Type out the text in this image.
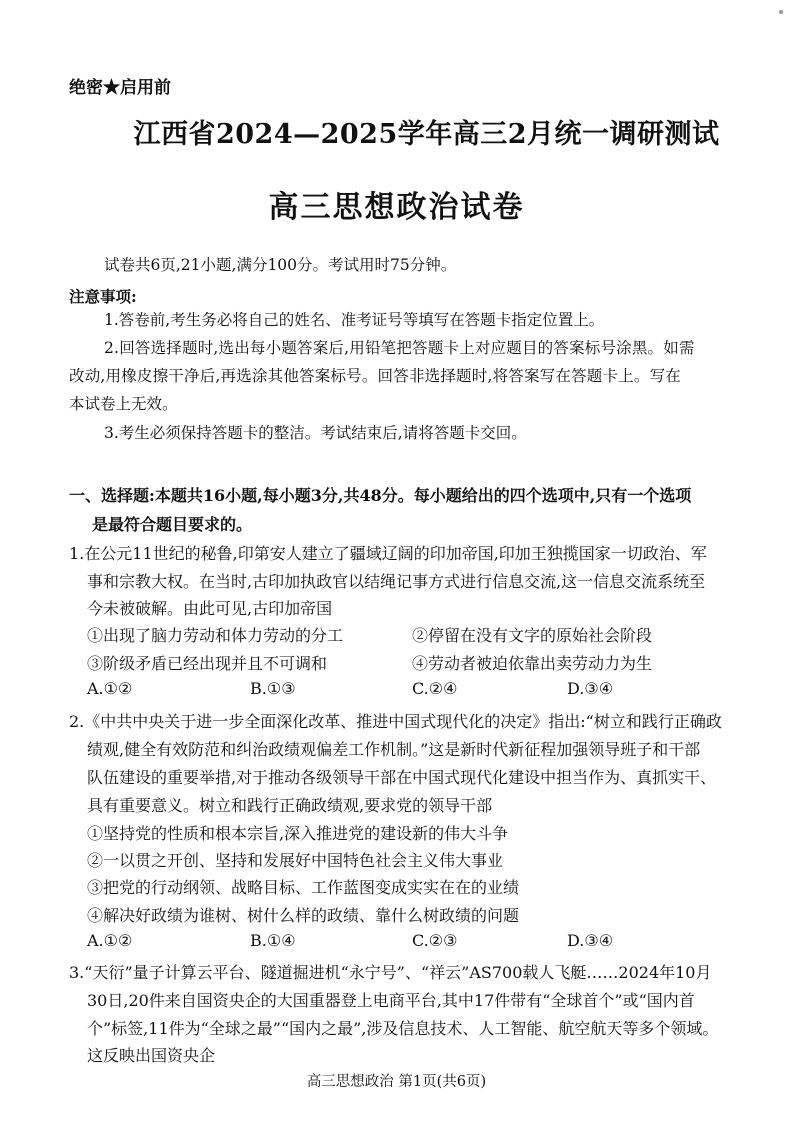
绝密★启用前
江西省2024—2025学年高三2月统一调研测试
高三思想政治试卷
试卷共6页,21小题,满分100分。考试用时75分钟。
注意事项:
1.答卷前,考生务必将自己的姓名、准考证号等填写在答题卡指定位置上。
2.回答选择题时,选出每小题答案后,用铅笔把答题卡上对应题目的答案标号涂黑。如需
改动,用橡皮擦干净后,再选涂其他答案标号。回答非选择题时,将答案写在答题卡上。写在
本试卷上无效。
3.考生必须保持答题卡的整洁。考试结束后,请将答题卡交回。
一、选择题:本题共16小题,每小题3分,共48分。每小题给出的四个选项中,只有一个选项
是最符合题目要求的。
1.在公元11世纪的秘鲁,印第安人建立了疆域辽阔的印加帝国,印加王独揽国家一切政治、军
事和宗教大权。在当时,古印加执政官以结绳记事方式进行信息交流,这一信息交流系统至
今未被破解。由此可见,古印加帝国
①出现了脑力劳动和体力劳动的分工	②停留在没有文字的原始社会阶段
③阶级矛盾已经出现并且不可调和	④劳动者被迫依靠出卖劳动力为生
A.①②	B.①③	C.②④	D.③④
2.《中共中央关于进一步全面深化改革、推进中国式现代化的决定》指出:“树立和践行正确政
绩观,健全有效防范和纠治政绩观偏差工作机制。”这是新时代新征程加强领导班子和干部
队伍建设的重要举措,对于推动各级领导干部在中国式现代化建设中担当作为、真抓实干、
具有重要意义。树立和践行正确政绩观,要求党的领导干部
①坚持党的性质和根本宗旨,深入推进党的建设新的伟大斗争
②一以贯之开创、坚持和发展好中国特色社会主义伟大事业
③把党的行动纲领、战略目标、工作蓝图变成实实在在的业绩
④解决好政绩为谁树、树什么样的政绩、靠什么树政绩的问题
A.①②	B.①④	C.②③	D.③④
3.“天衍”量子计算云平台、隧道掘进机“永宁号”、“祥云”AS700载人飞艇……2024年10月
30日,20件来自国资央企的大国重器登上电商平台,其中17件带有“全球首个”或“国内首
个”标签,11件为“全球之最”“国内之最”,涉及信息技术、人工智能、航空航天等多个领域。
这反映出国资央企
高三思想政治 第1页(共6页)
